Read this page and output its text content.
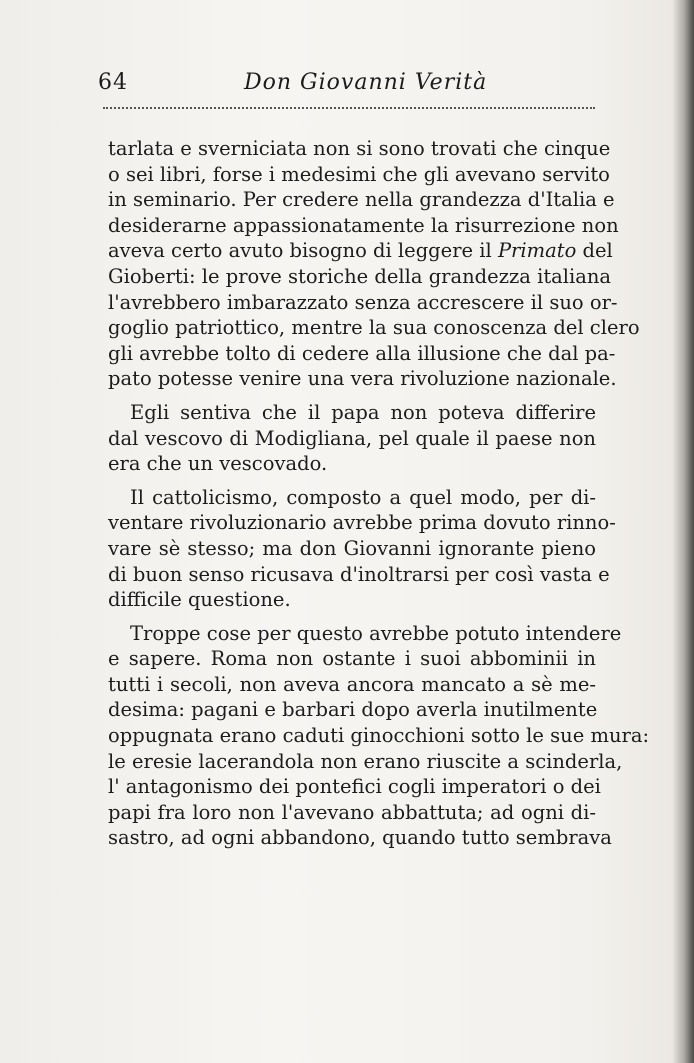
64	Don Giovanni Verità
tarlata e sverniciata non si sono trovati che cinque
o sei libri, forse i medesimi che gli avevano servito
in seminario. Per credere nella grandezza d'Italia e
desiderarne appassionatamente la risurrezione non
aveva certo avuto bisogno di leggere il Primato del
Gioberti: le prove storiche della grandezza italiana
l'avrebbero imbarazzato senza accrescere il suo or-
goglio patriottico, mentre la sua conoscenza del clero
gli avrebbe tolto di cedere alla illusione che dal pa-
pato potesse venire una vera rivoluzione nazionale.
Egli sentiva che il papa non poteva differire
dal vescovo di Modigliana, pel quale il paese non
era che un vescovado.
Il cattolicismo, composto a quel modo, per di-
ventare rivoluzionario avrebbe prima dovuto rinno-
vare sè stesso; ma don Giovanni ignorante pieno
di buon senso ricusava d'inoltrarsi per così vasta e
difficile questione.
Troppe cose per questo avrebbe potuto intendere
e sapere. Roma non ostante i suoi abbominii in
tutti i secoli, non aveva ancora mancato a sè me-
desima: pagani e barbari dopo averla inutilmente
oppugnata erano caduti ginocchioni sotto le sue mura:
le eresie lacerandola non erano riuscite a scinderla,
l' antagonismo dei pontefici cogli imperatori o dei
papi fra loro non l'avevano abbattuta; ad ogni di-
sastro, ad ogni abbandono, quando tutto sembrava
